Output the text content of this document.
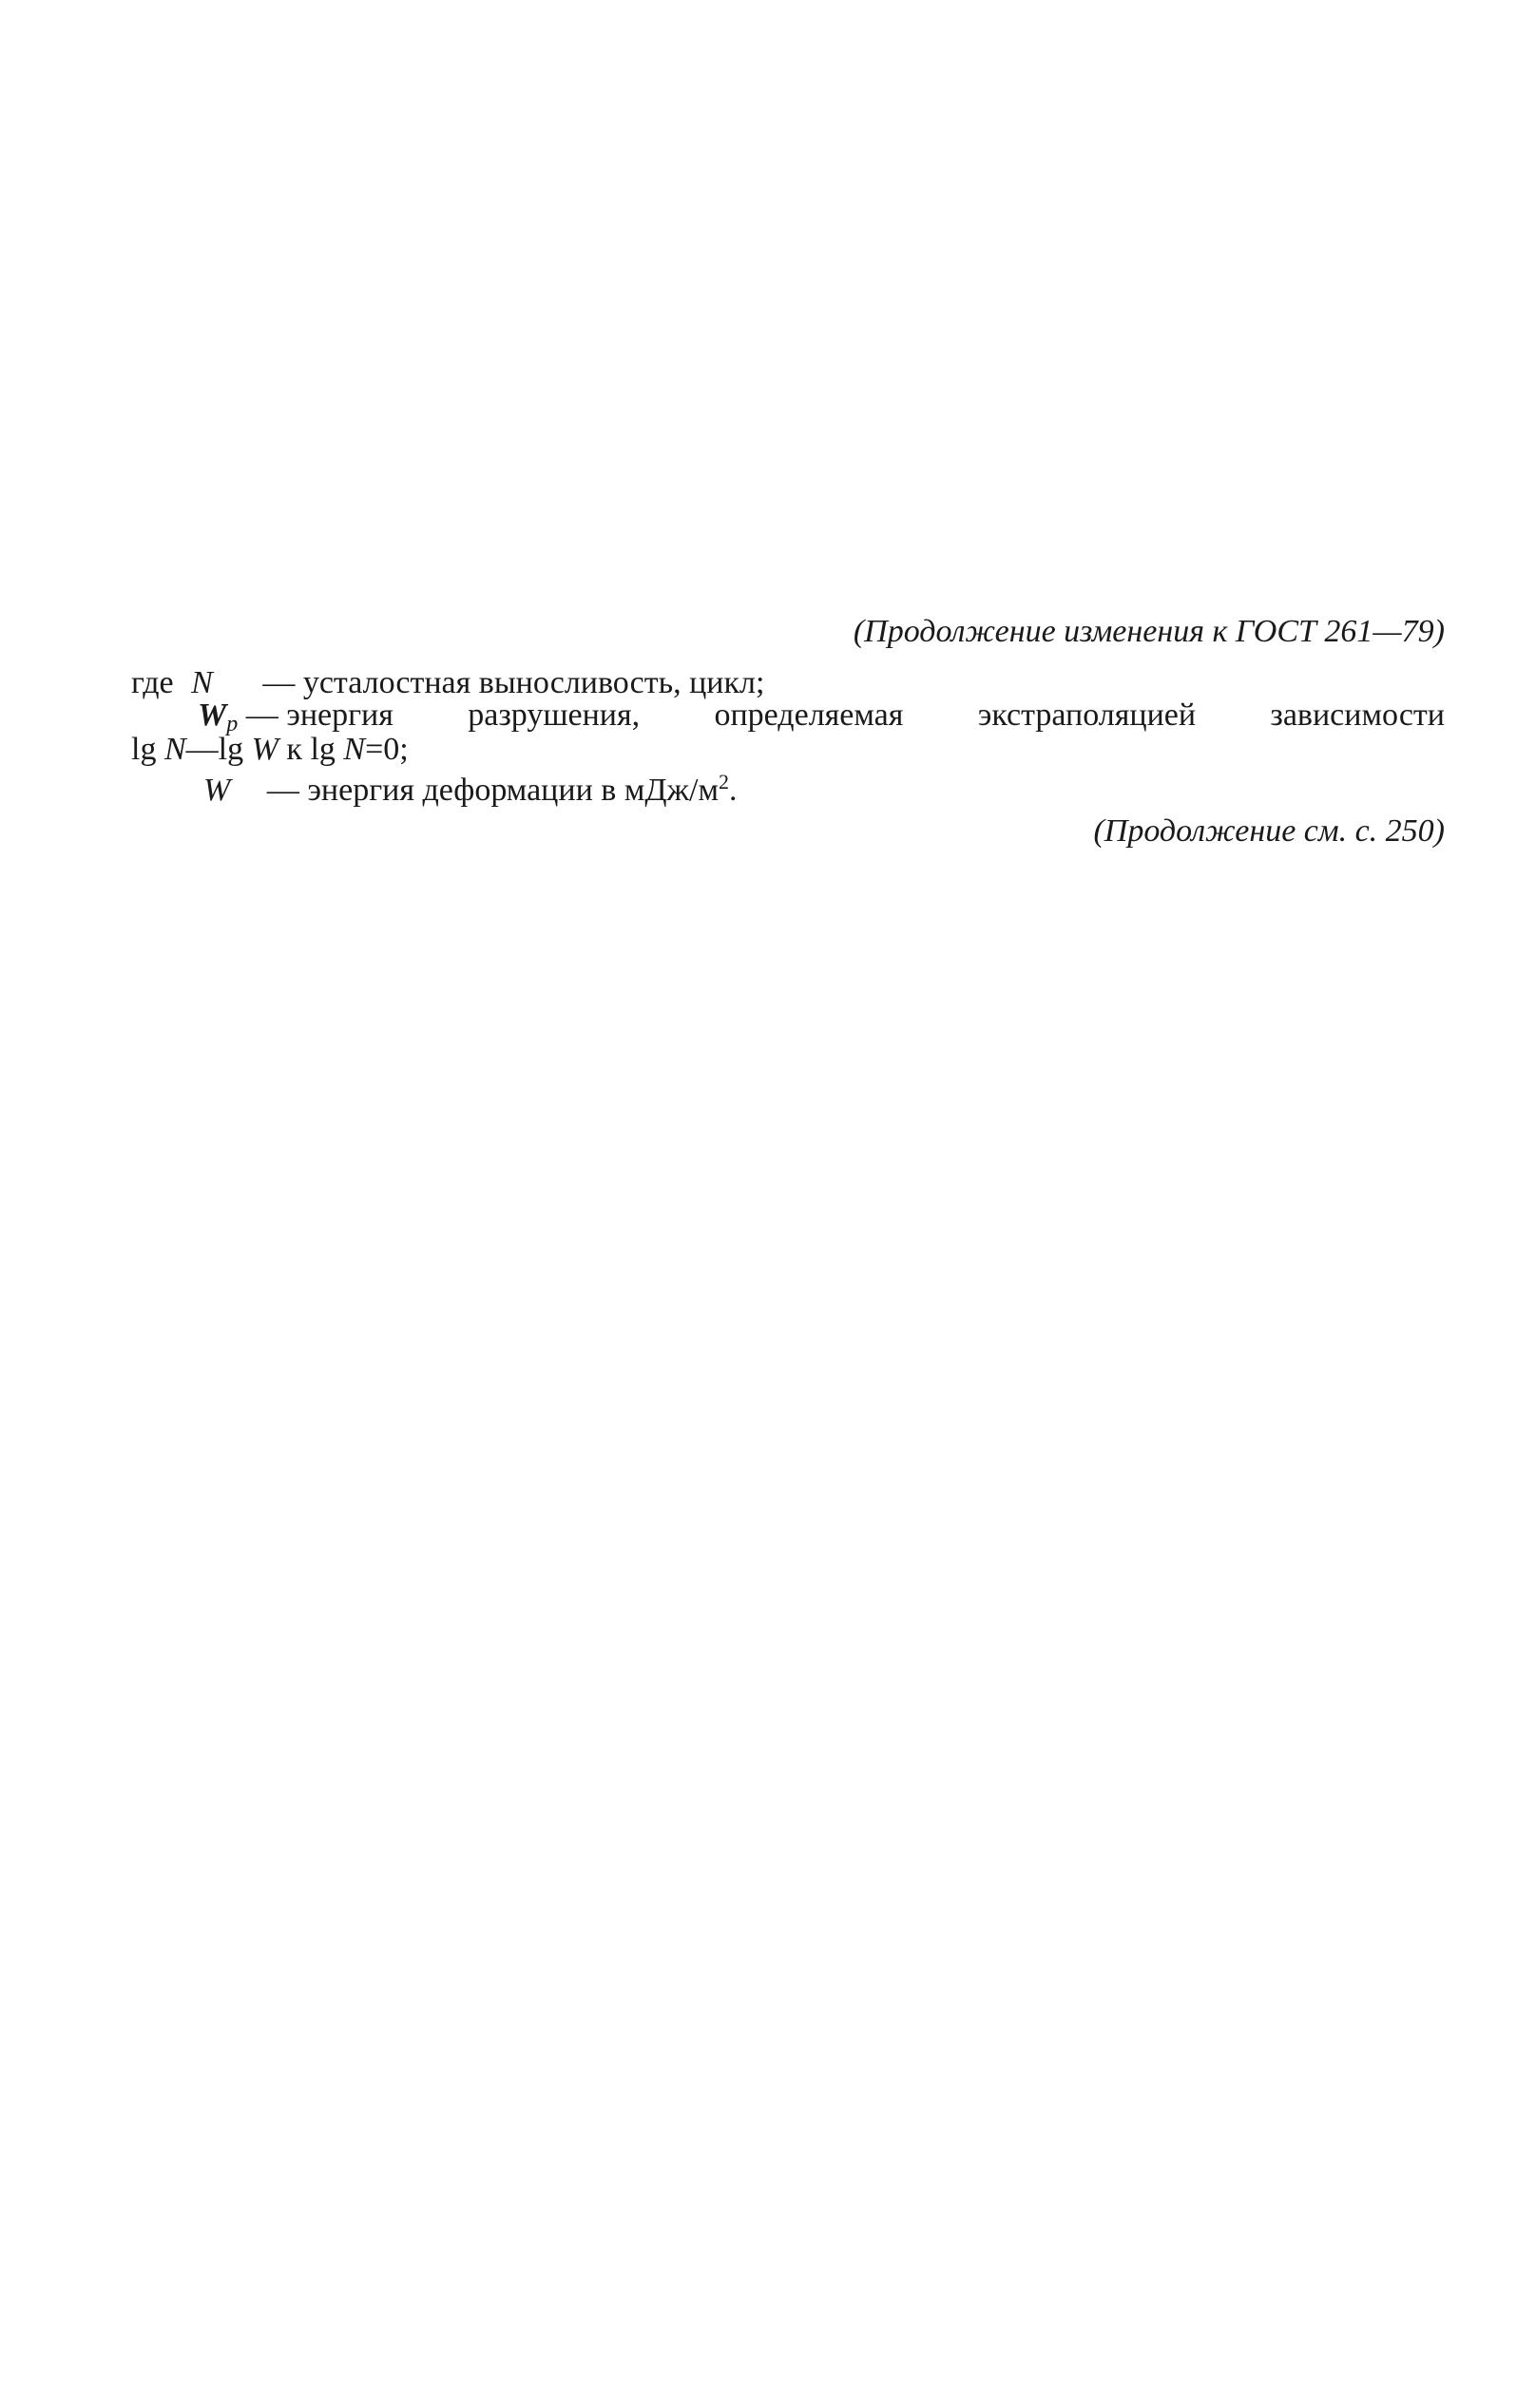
(Продолжение изменения к ГОСТ 261—79)
где N — усталостная выносливость, цикл;
$W_р$ — энергия разрушения, определяемая экстраполяцией зависимости
lg N—lg W к lg N=0;
W — энергия деформации в мДж/$м^2$.
(Продолжение см. с. 250)
